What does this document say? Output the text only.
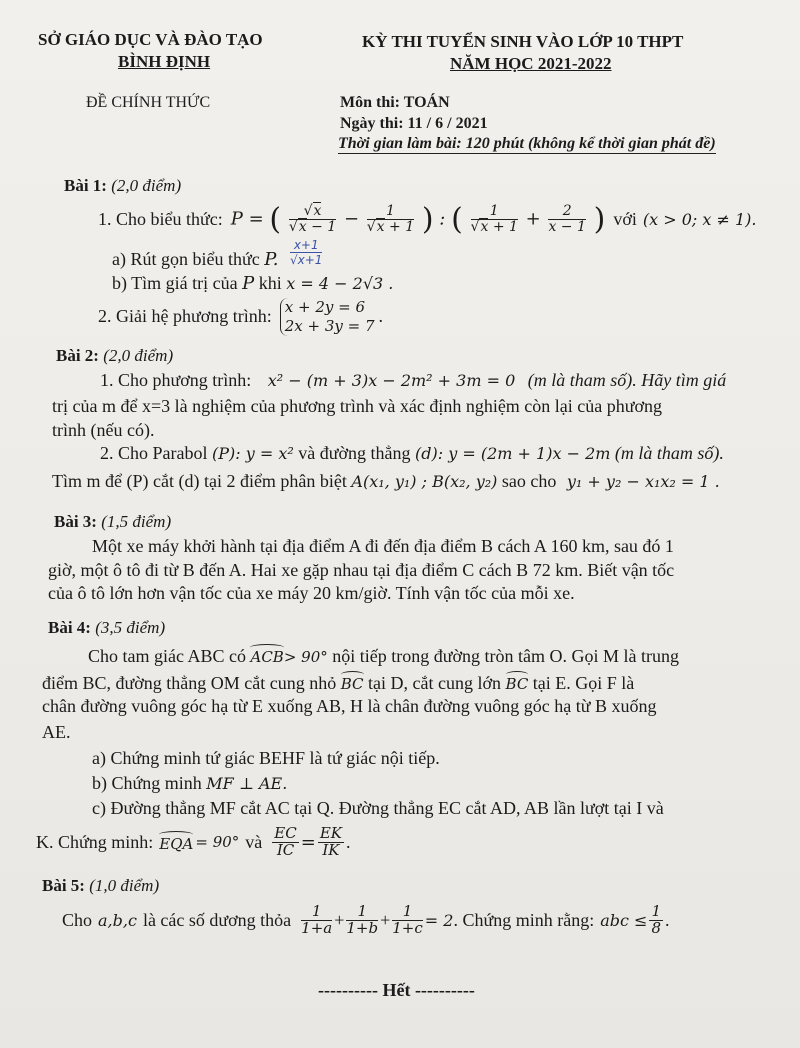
SỞ GIÁO DỤC VÀ ĐÀO TẠO
BÌNH ĐỊNH
KỲ THI TUYỂN SINH VÀO LỚP 10 THPT
NĂM HỌC 2021-2022
ĐỀ CHÍNH THỨC	Môn thi: TOÁN
Ngày thi: 11 / 6 / 2021
Thời gian làm bài: 120 phút (không kể thời gian phát đề)
Bài 1: (2,0 điểm)
1. Cho biểu thức: P = ( $\frac{√x}{√x - 1} - \frac{1}{√x + 1}$ ) : ( $\frac{1}{√x + 1} + \frac{2}{x - 1}$ ) với (x > 0; x ≠ 1).
a) Rút gọn biểu thức P.
x+1
√x+1
b) Tìm giá trị của P khi x = 4 − 2√3 .
2. Giải hệ phương trình: x + 2y = 6
2x + 3y = 7 .
Bài 2: (2,0 điểm)
1. Cho phương trình: x² − (m + 3)x − 2m² + 3m = 0 (m là tham số). Hãy tìm giá
trị của m để x=3 là nghiệm của phương trình và xác định nghiệm còn lại của phương
trình (nếu có).
2. Cho Parabol (P): y = x² và đường thẳng (d): y = (2m + 1)x − 2m (m là tham số).
Tìm m để (P) cắt (d) tại 2 điểm phân biệt A(x₁, y₁) ; B(x₂, y₂) sao cho y₁ + y₂ − x₁x₂ = 1 .
Bài 3: (1,5 điểm)
Một xe máy khởi hành tại địa điểm A đi đến địa điểm B cách A 160 km, sau đó 1
giờ, một ô tô đi từ B đến A. Hai xe gặp nhau tại địa điểm C cách B 72 km. Biết vận tốc
của ô tô lớn hơn vận tốc của xe máy 20 km/giờ. Tính vận tốc của mỗi xe.
Bài 4: (3,5 điểm)
Cho tam giác ABC có ACB> 90° nội tiếp trong đường tròn tâm O. Gọi M là trung
điểm BC, đường thẳng OM cắt cung nhỏ BC tại D, cắt cung lớn BC tại E. Gọi F là
chân đường vuông góc hạ từ E xuống AB, H là chân đường vuông góc hạ từ B xuống
AE.
a) Chứng minh tứ giác BEHF là tứ giác nội tiếp.
b) Chứng minh MF ⊥ AE.
c) Đường thẳng MF cắt AC tại Q. Đường thẳng EC cắt AD, AB lần lượt tại I và
K. Chứng minh: EQA = 90° và $\frac{EC}{IC} = \frac{EK}{IK}$ .
Bài 5: (1,0 điểm)
Cho a,b,c là các số dương thỏa $\frac{1}{1+a} + \frac{1}{1+b} + \frac{1}{1+c} = 2$ . Chứng minh rằng: abc ≤ $\frac{1}{8}$ .
---------- Hết ----------
